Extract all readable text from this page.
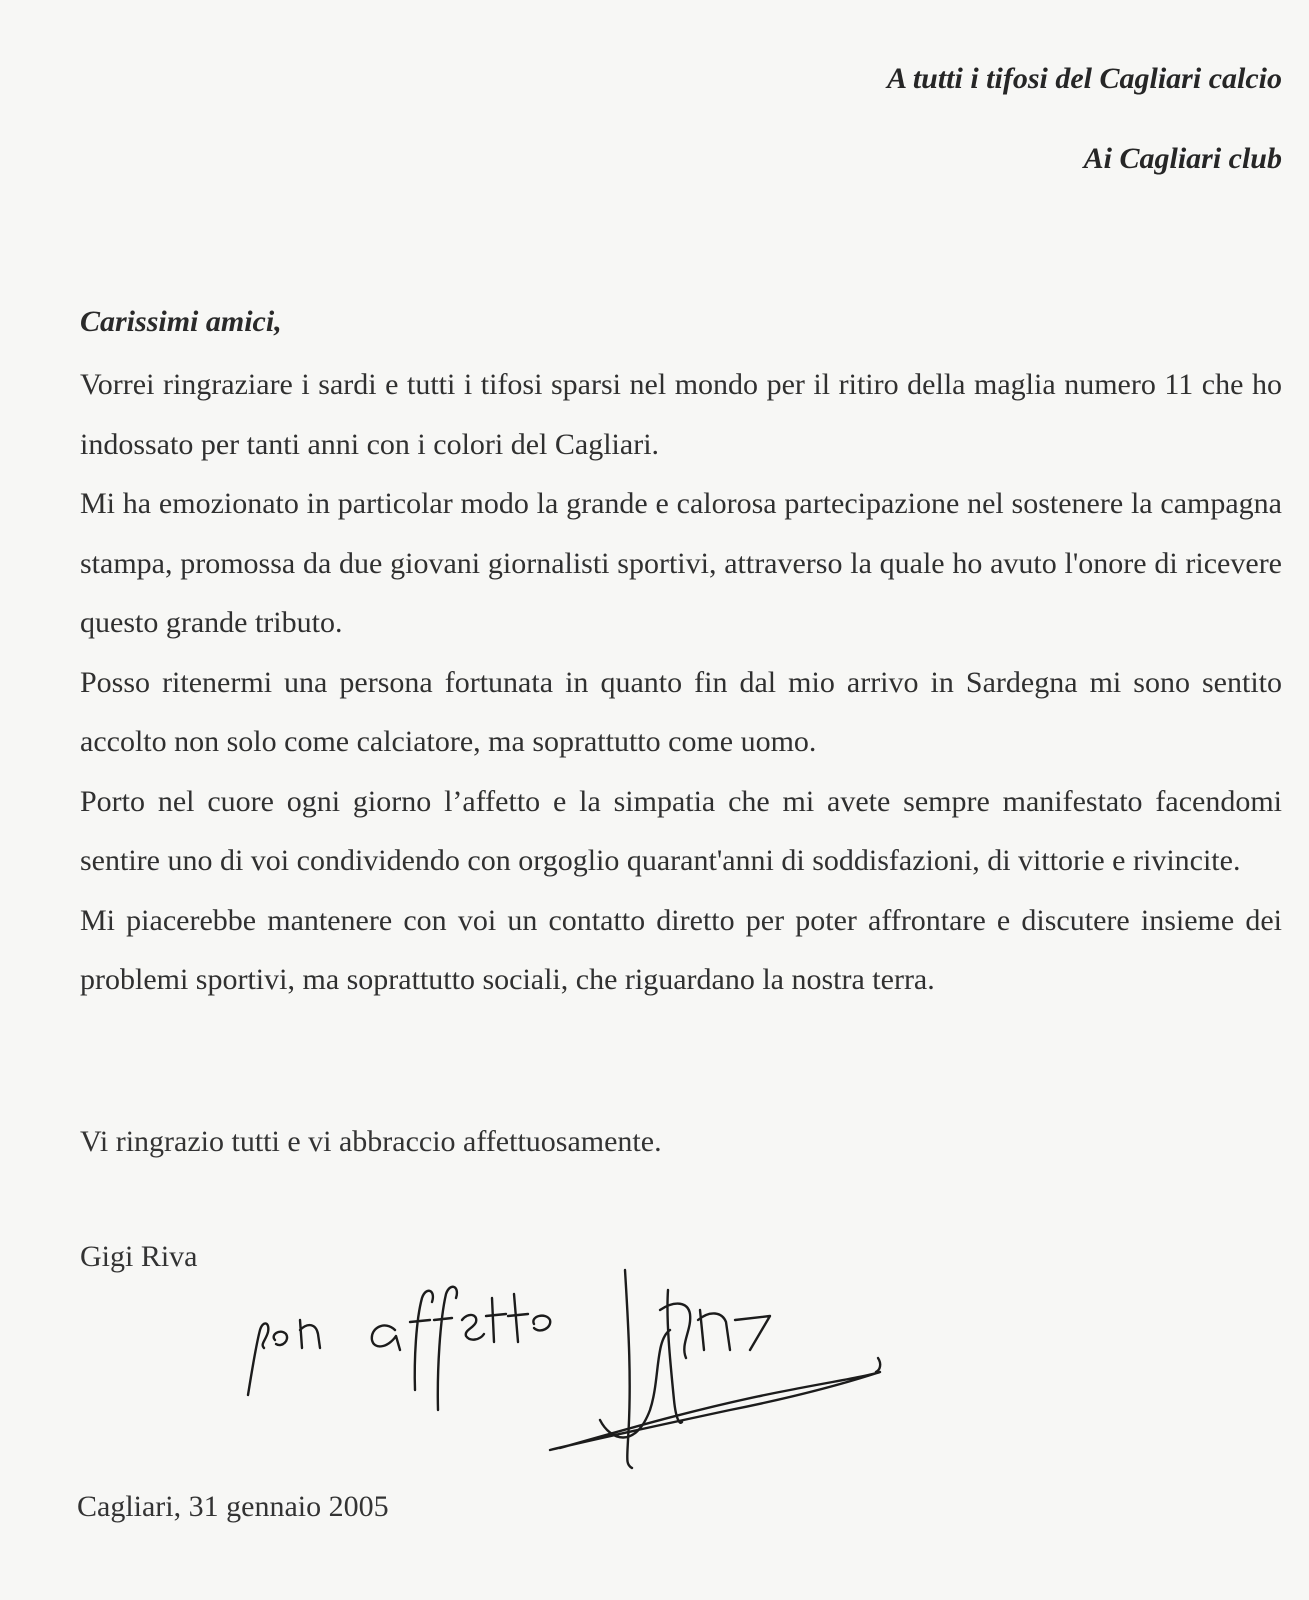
A tutti i tifosi del Cagliari calcio
Ai Cagliari club
Carissimi amici,

Vorrei ringraziare i sardi e tutti i tifosi sparsi nel mondo per il ritiro della maglia numero 11 che ho indossato per tanti anni con i colori del Cagliari.

Mi ha emozionato in particolar modo la grande e calorosa partecipazione nel sostenere la campagna stampa, promossa da due giovani giornalisti sportivi, attraverso la quale ho avuto l'onore di ricevere questo grande tributo.

Posso ritenermi una persona fortunata in quanto fin dal mio arrivo in Sardegna mi sono sentito accolto non solo come calciatore, ma soprattutto come uomo.

Porto nel cuore ogni giorno l’affetto e la simpatia che mi avete sempre manifestato facendomi sentire uno di voi condividendo con orgoglio quarant'anni di soddisfazioni, di vittorie e rivincite.

Mi piacerebbe mantenere con voi un contatto diretto per poter affrontare e discutere insieme dei problemi sportivi, ma soprattutto sociali, che riguardano la nostra terra.

Vi ringrazio tutti e vi abbraccio affettuosamente.
Gigi Riva
Cagliari, 31 gennaio 2005
